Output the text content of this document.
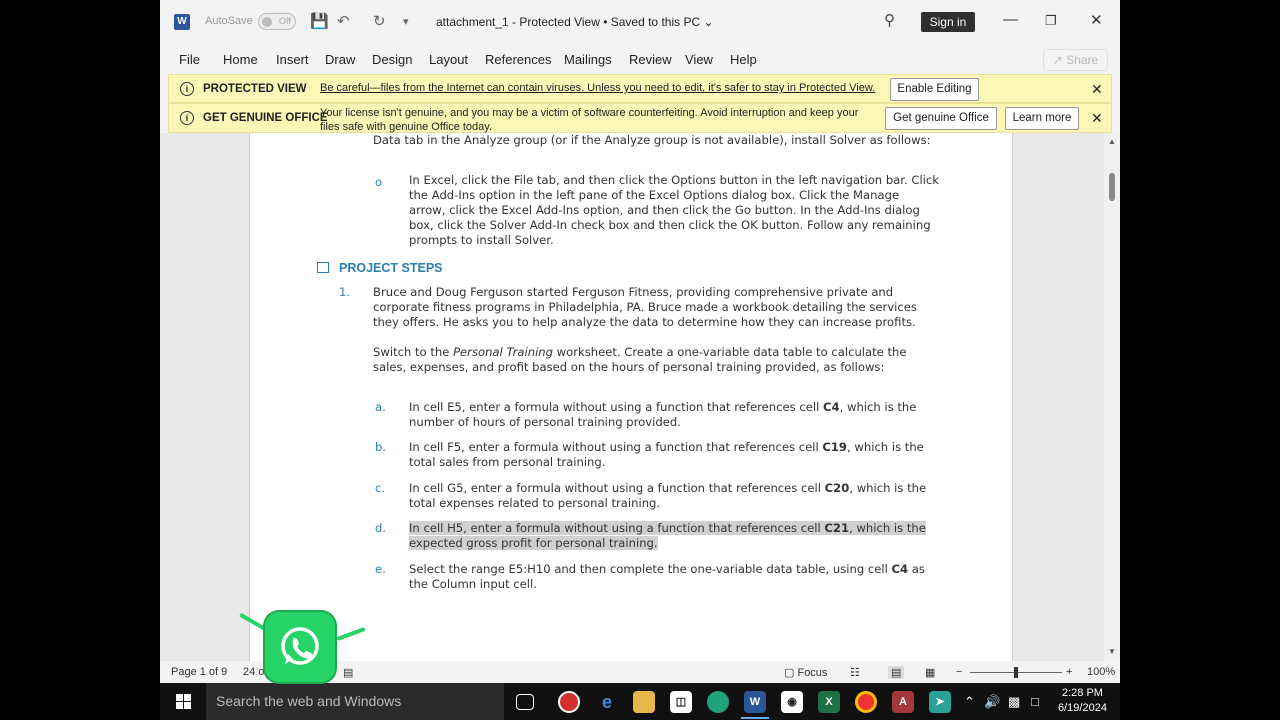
W AutoSave	Off	💾 ↶ ↻ ▾ attachment_1 - Protected View • Saved to this PC ⌄	⚲	Sign in	— ❐ ✕
File Home Insert Draw Design Layout References Mailings Review View Help	↗ Share
i	PROTECTED VIEW Be careful—files from the Internet can contain viruses. Unless you need to edit, it's safer to stay in Protected View.	Enable Editing	✕
i	GET GENUINE OFFICE
Your license isn't genuine, and you may be a victim of software counterfeiting. Avoid interruption and keep your files safe with genuine Office today.
Get genuine Office	Learn more	✕
Data tab in the Analyze group (or if the Analyze group is not available), install Solver as follows:
o In Excel, click the File tab, and then click the Options button in the left navigation bar. Click the Add-Ins option in the left pane of the Excel Options dialog box. Click the Manage arrow, click the Excel Add-Ins option, and then click the Go button. In the Add-Ins dialog box, click the Solver Add-In check box and then click the OK button. Follow any remaining prompts to install Solver.
PROJECT STEPS
1. Bruce and Doug Ferguson started Ferguson Fitness, providing comprehensive private and corporate fitness programs in Philadelphia, PA. Bruce made a workbook detailing the services they offers. He asks you to help analyze the data to determine how they can increase profits.
Switch to the Personal Training worksheet. Create a one-variable data table to calculate the sales, expenses, and profit based on the hours of personal training provided, as follows:
a. In cell E5, enter a formula without using a function that references cell C4, which is the number of hours of personal training provided.
b. In cell F5, enter a formula without using a function that references cell C19, which is the total sales from personal training.
c. In cell G5, enter a formula without using a function that references cell C20, which is the total expenses related to personal training.
d. In cell H5, enter a formula without using a function that references cell C21, which is the expected gross profit for personal training.
e. Select the range E5:H10 and then complete the one-variable data table, using cell C4 as the Column input cell.
▲
▼
Page 1 of 9 24 o	▤	▢ Focus ☷	▤ ▦ −	+ 100%
Search the web and Windows	e	◫	W	◉	X	A	➤	⌃ 🔊 ▩ □
2:28 PM
6/19/2024
